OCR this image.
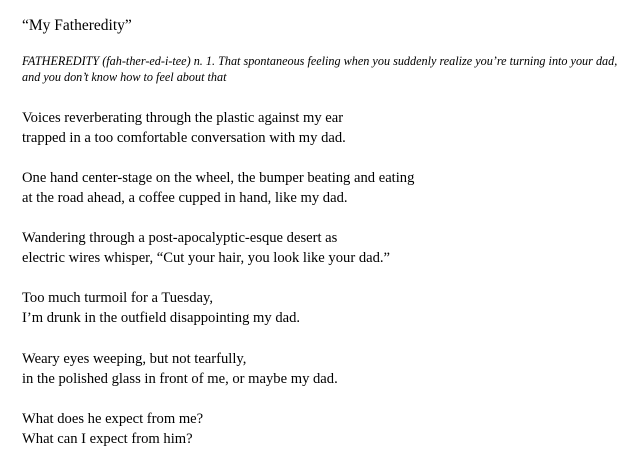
“My Fatheredity”
FATHEREDITY (fah-ther-ed-i-tee) n. 1. That spontaneous feeling when you suddenly realize you’re turning into your dad, and you don’t know how to feel about that
Voices reverberating through the plastic against my ear
trapped in a too comfortable conversation with my dad.
One hand center-stage on the wheel, the bumper beating and eating
at the road ahead, a coffee cupped in hand, like my dad.
Wandering through a post-apocalyptic-esque desert as
electric wires whisper, “Cut your hair, you look like your dad.”
Too much turmoil for a Tuesday,
I’m drunk in the outfield disappointing my dad.
Weary eyes weeping, but not tearfully,
in the polished glass in front of me, or maybe my dad.
What does he expect from me?
What can I expect from him?
